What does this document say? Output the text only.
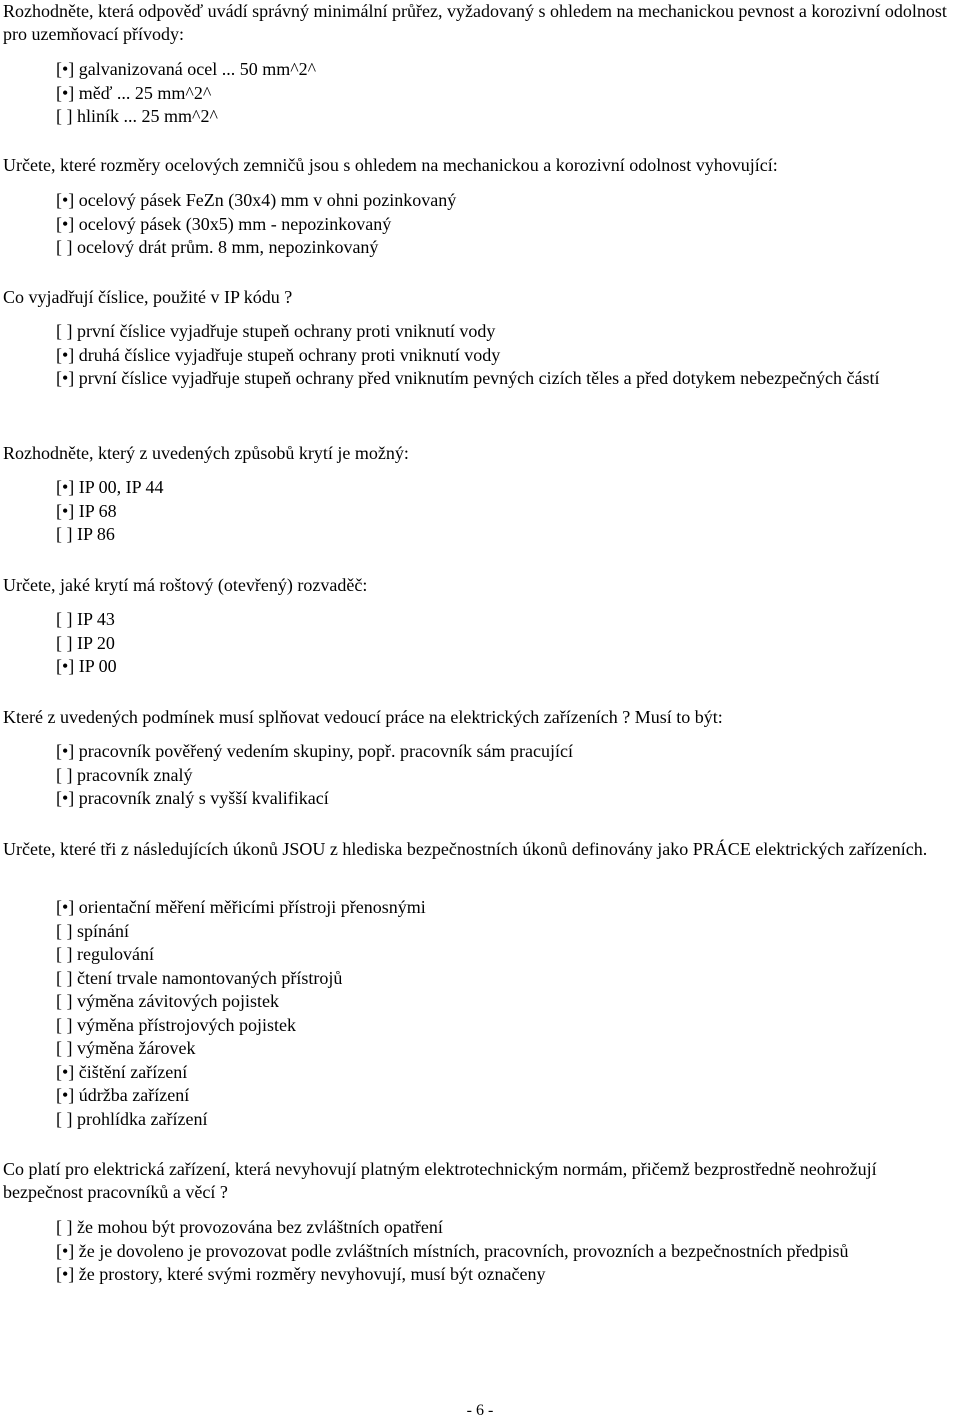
Rozhodněte, která odpověď uvádí správný minimální průřez, vyžadovaný s ohledem na mechanickou pevnost a korozivní odolnost pro uzemňovací přívody:

[•] galvanizovaná ocel ... 50 mm^2^
[•] měď ... 25 mm^2^
[ ] hliník ... 25 mm^2^

Určete, které rozměry ocelových zemničů jsou s ohledem na mechanickou a korozivní odolnost vyhovující:

[•] ocelový pásek FeZn (30x4) mm v ohni pozinkovaný
[•] ocelový pásek (30x5) mm - nepozinkovaný
[ ] ocelový drát prům. 8 mm, nepozinkovaný

Co vyjadřují číslice, použité v IP kódu ?

[ ] první číslice vyjadřuje stupeň ochrany proti vniknutí vody
[•] druhá číslice vyjadřuje stupeň ochrany proti vniknutí vody
[•] první číslice vyjadřuje stupeň ochrany před vniknutím pevných cizích těles a před dotykem nebezpečných částí

Rozhodněte, který z uvedených způsobů krytí je možný:

[•] IP 00, IP 44
[•] IP 68
[ ] IP 86

Určete, jaké krytí má roštový (otevřený) rozvaděč:

[ ] IP 43
[ ] IP 20
[•] IP 00

Které z uvedených podmínek musí splňovat vedoucí práce na elektrických zařízeních ? Musí to být:

[•] pracovník pověřený vedením skupiny, popř. pracovník sám pracující
[ ] pracovník znalý
[•] pracovník znalý s vyšší kvalifikací

Určete, které tři z následujících úkonů JSOU z hlediska bezpečnostních úkonů definovány jako PRÁCE elektrických zařízeních.

[•] orientační měření měřicími přístroji přenosnými
[ ] spínání
[ ] regulování
[ ] čtení trvale namontovaných přístrojů
[ ] výměna závitových pojistek
[ ] výměna přístrojových pojistek
[ ] výměna žárovek
[•] čištění zařízení
[•] údržba zařízení
[ ] prohlídka zařízení

Co platí pro elektrická zařízení, která nevyhovují platným elektrotechnickým normám, přičemž bezprostředně neohrožují bezpečnost pracovníků a věcí ?

[ ] že mohou být provozována bez zvláštních opatření
[•] že je dovoleno je provozovat podle zvláštních místních, pracovních, provozních a bezpečnostních předpisů
[•] že prostory, které svými rozměry nevyhovují, musí být označeny
- 6 -
